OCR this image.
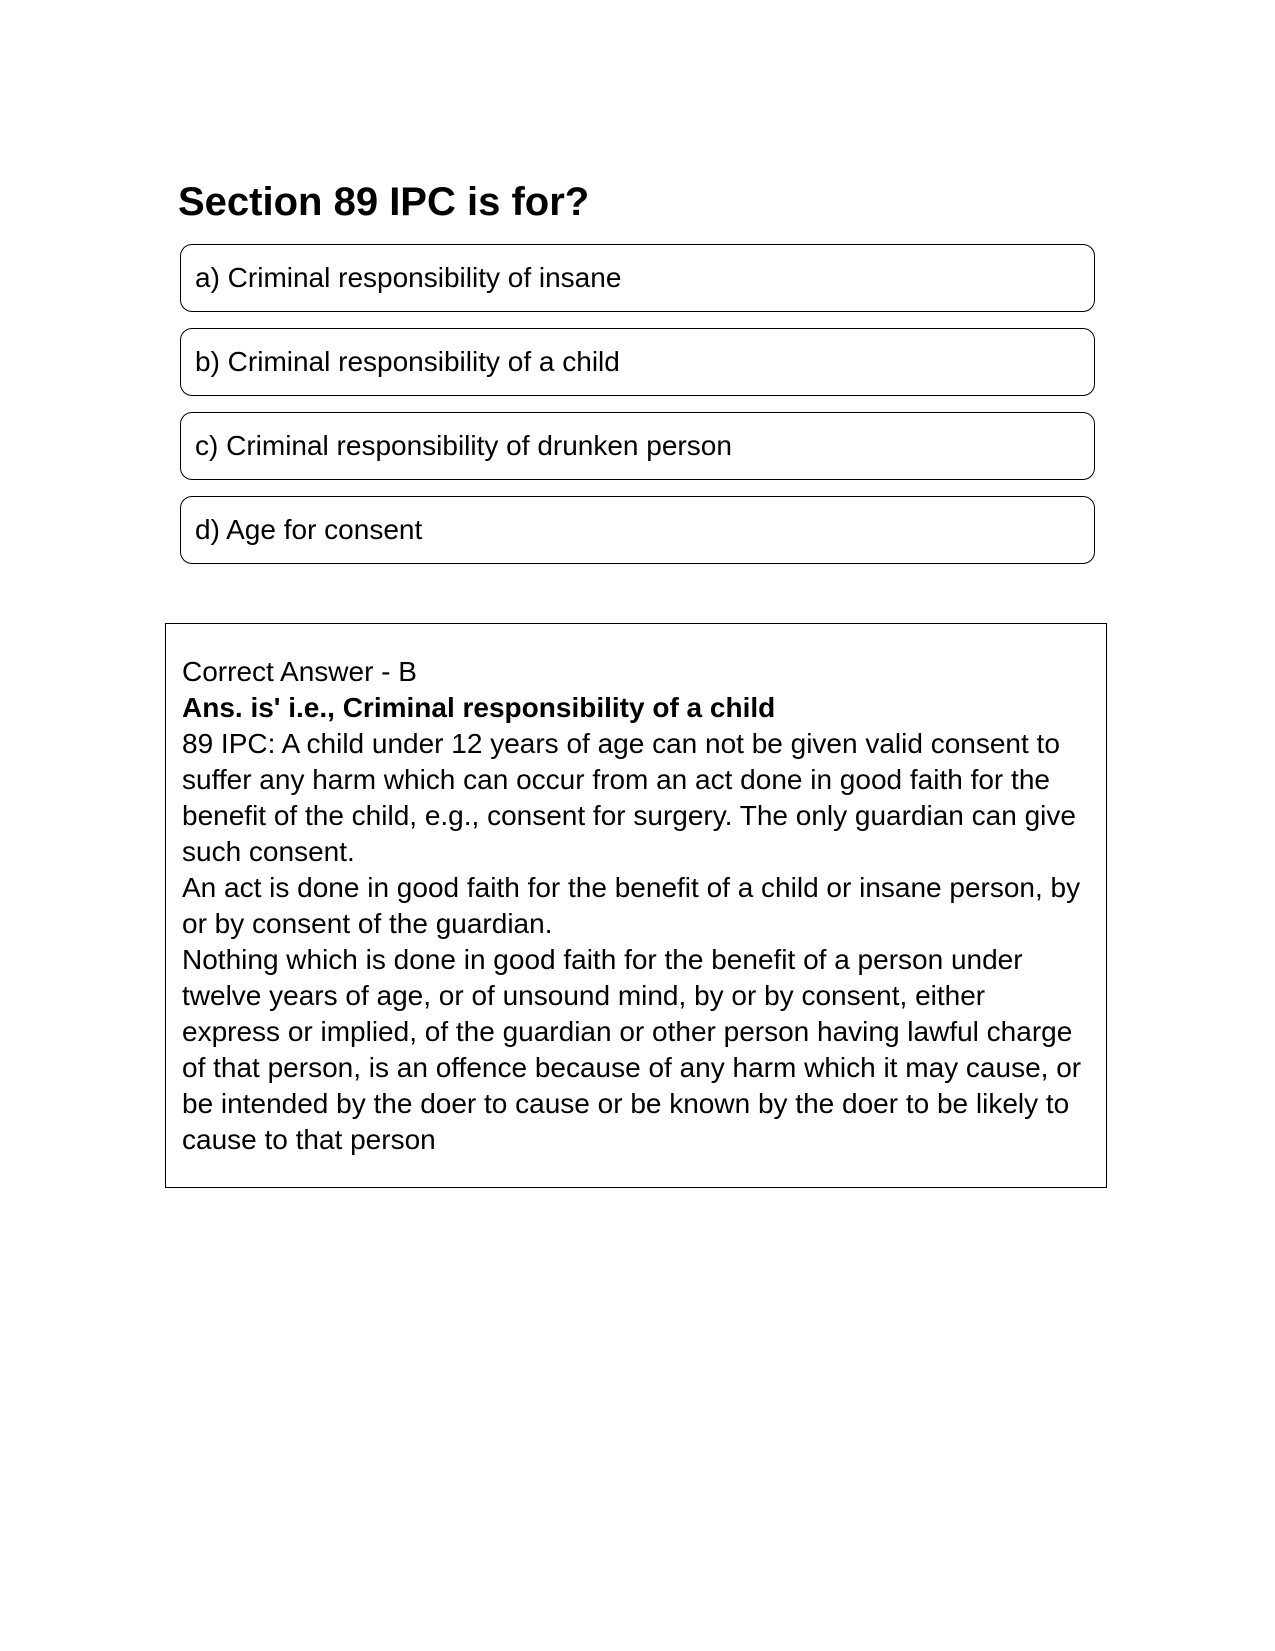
Section 89 IPC is for?
a) Criminal responsibility of insane
b) Criminal responsibility of a child
c) Criminal responsibility of drunken person
d) Age for consent

Correct Answer - B

Ans. is' i.e., Criminal responsibility of a child

89 IPC: A child under 12 years of age can not be given valid consent to suffer any harm which can occur from an act done in good faith for the benefit of the child, e.g., consent for surgery. The only guardian can give such consent.

An act is done in good faith for the benefit of a child or insane person, by or by consent of the guardian.

Nothing which is done in good faith for the benefit of a person under twelve years of age, or of unsound mind, by or by consent, either express or implied, of the guardian or other person having lawful charge of that person, is an offence because of any harm which it may cause, or be intended by the doer to cause or be known by the doer to be likely to cause to that person
